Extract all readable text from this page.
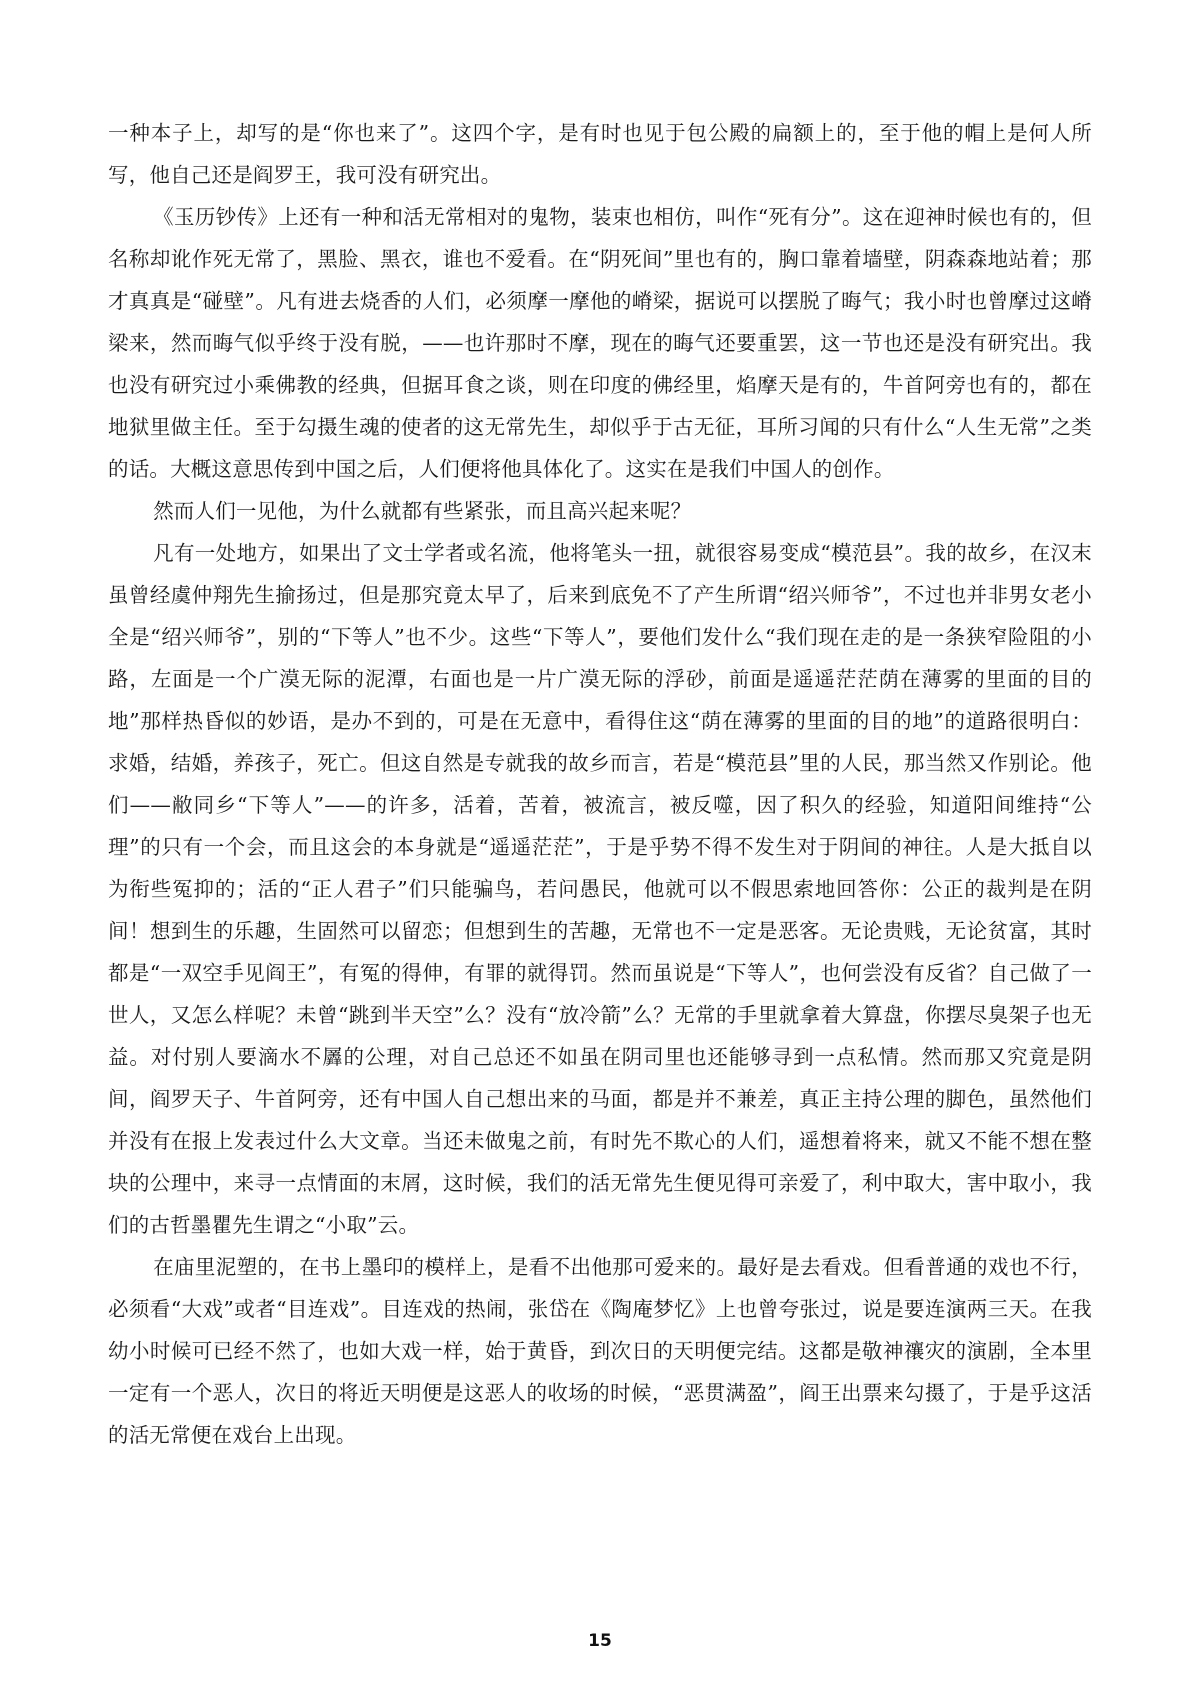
一种本子上，却写的是“你也来了”。这四个字，是有时也见于包公殿的扁额上的，至于他的帽上是何人所写，他自己还是阎罗王，我可没有研究出。

《玉历钞传》上还有一种和活无常相对的鬼物，装束也相仿，叫作“死有分”。这在迎神时候也有的，但名称却讹作死无常了，黑脸、黑衣，谁也不爱看。在“阴死间”里也有的，胸口靠着墙壁，阴森森地站着；那才真真是“碰壁”。凡有进去烧香的人们，必须摩一摩他的嵴梁，据说可以摆脱了晦气；我小时也曾摩过这嵴梁来，然而晦气似乎终于没有脱，——也许那时不摩，现在的晦气还要重罢，这一节也还是没有研究出。我也没有研究过小乘佛教的经典，但据耳食之谈，则在印度的佛经里，焰摩天是有的，牛首阿旁也有的，都在地狱里做主任。至于勾摄生魂的使者的这无常先生，却似乎于古无征，耳所习闻的只有什么“人生无常”之类的话。大概这意思传到中国之后，人们便将他具体化了。这实在是我们中国人的创作。

然而人们一见他，为什么就都有些紧张，而且高兴起来呢？

凡有一处地方，如果出了文士学者或名流，他将笔头一扭，就很容易变成“模范县”。我的故乡，在汉末虽曾经虞仲翔先生揄扬过，但是那究竟太早了，后来到底免不了产生所谓“绍兴师爷”，不过也并非男女老小全是“绍兴师爷”，别的“下等人”也不少。这些“下等人”，要他们发什么“我们现在走的是一条狭窄险阻的小路，左面是一个广漠无际的泥潭，右面也是一片广漠无际的浮砂，前面是遥遥茫茫荫在薄雾的里面的目的地”那样热昏似的妙语，是办不到的，可是在无意中，看得住这“荫在薄雾的里面的目的地”的道路很明白：求婚，结婚，养孩子，死亡。但这自然是专就我的故乡而言，若是“模范县”里的人民，那当然又作别论。他们——敝同乡“下等人”——的许多，活着，苦着，被流言，被反噬，因了积久的经验，知道阳间维持“公理”的只有一个会，而且这会的本身就是“遥遥茫茫”，于是乎势不得不发生对于阴间的神往。人是大抵自以为衔些冤抑的；活的“正人君子”们只能骗鸟，若问愚民，他就可以不假思索地回答你：公正的裁判是在阴间！想到生的乐趣，生固然可以留恋；但想到生的苦趣，无常也不一定是恶客。无论贵贱，无论贫富，其时都是“一双空手见阎王”，有冤的得伸，有罪的就得罚。然而虽说是“下等人”，也何尝没有反省？自己做了一世人，又怎么样呢？未曾“跳到半天空”么？没有“放冷箭”么？无常的手里就拿着大算盘，你摆尽臭架子也无益。对付别人要滴水不羼的公理，对自己总还不如虽在阴司里也还能够寻到一点私情。然而那又究竟是阴间，阎罗天子、牛首阿旁，还有中国人自己想出来的马面，都是并不兼差，真正主持公理的脚色，虽然他们并没有在报上发表过什么大文章。当还未做鬼之前，有时先不欺心的人们，遥想着将来，就又不能不想在整块的公理中，来寻一点情面的末屑，这时候，我们的活无常先生便见得可亲爱了，利中取大，害中取小，我们的古哲墨瞿先生谓之“小取”云。

在庙里泥塑的，在书上墨印的模样上，是看不出他那可爱来的。最好是去看戏。但看普通的戏也不行，必须看“大戏”或者“目连戏”。目连戏的热闹，张岱在《陶庵梦忆》上也曾夸张过，说是要连演两三天。在我幼小时候可已经不然了，也如大戏一样，始于黄昏，到次日的天明便完结。这都是敬神禳灾的演剧，全本里一定有一个恶人，次日的将近天明便是这恶人的收场的时候，“恶贯满盈”，阎王出票来勾摄了，于是乎这活的活无常便在戏台上出现。

15
